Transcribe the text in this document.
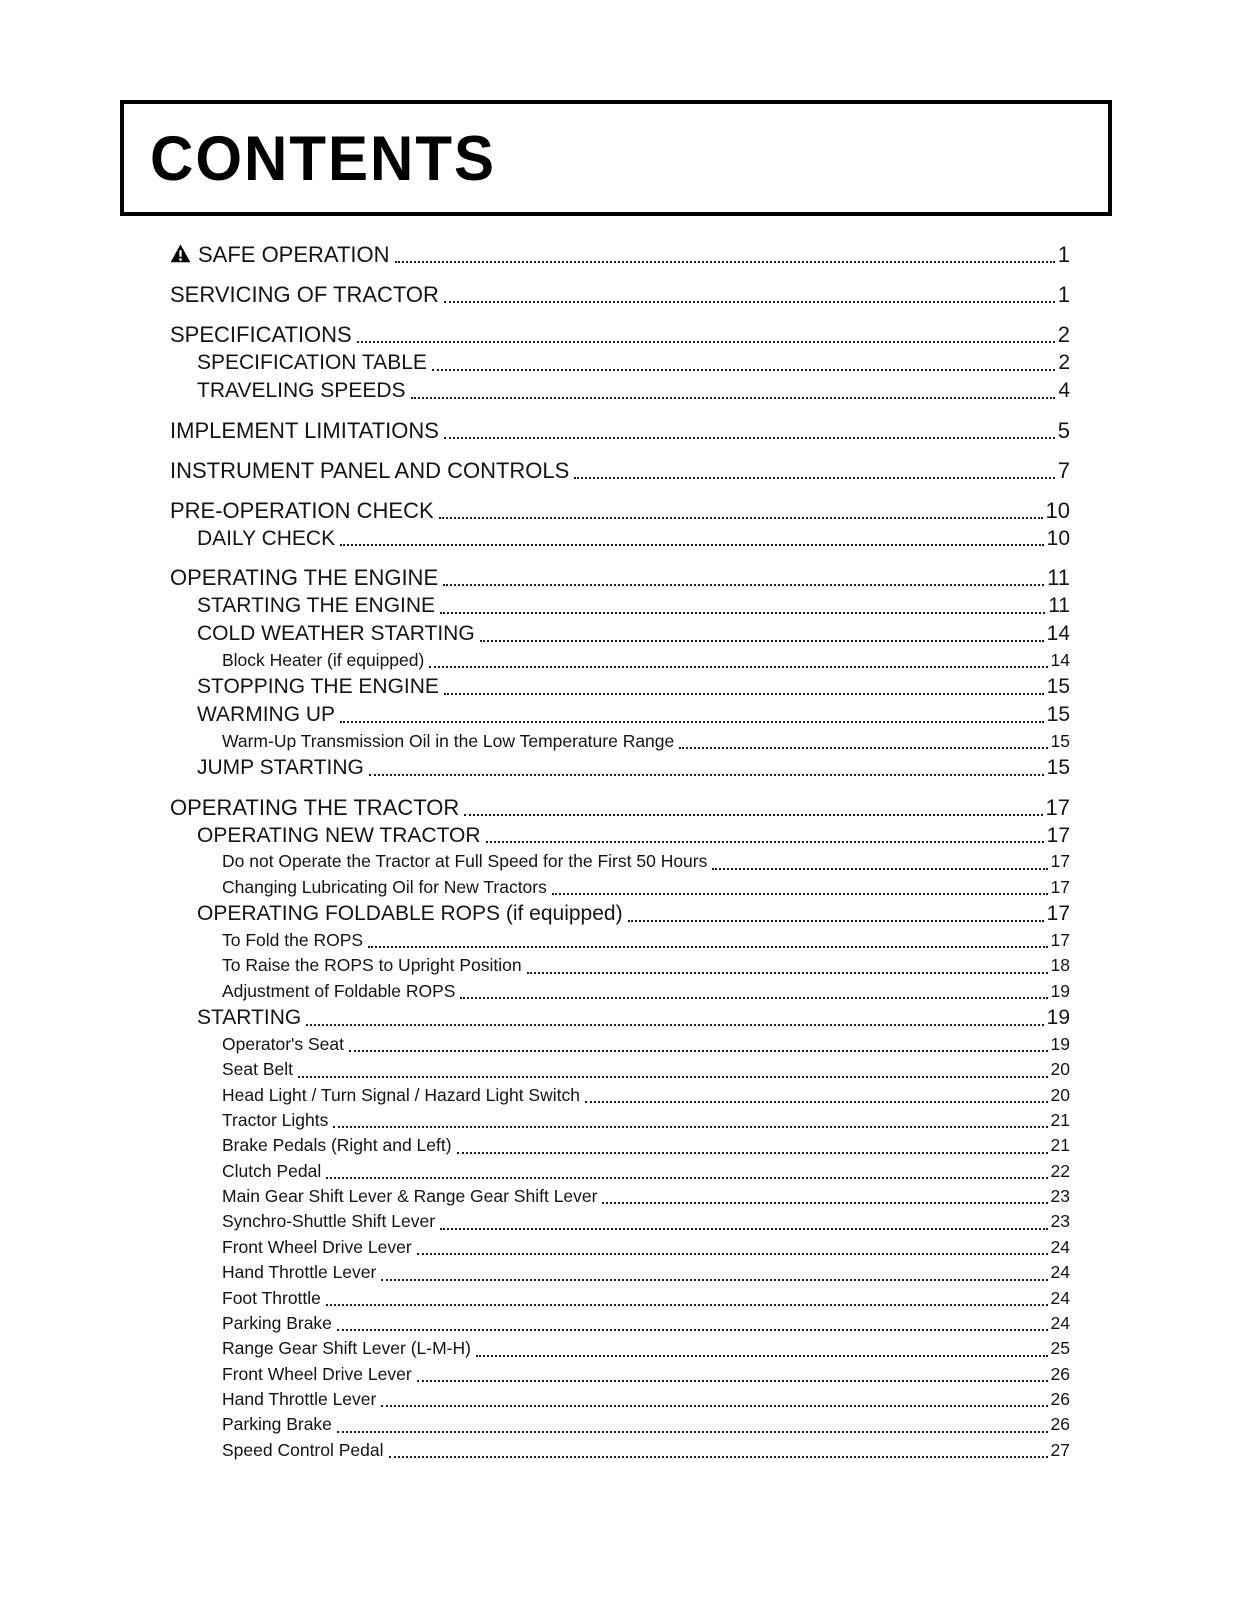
CONTENTS
SAFE OPERATION	1
SERVICING OF TRACTOR	1
SPECIFICATIONS	2
SPECIFICATION TABLE	2
TRAVELING SPEEDS	4
IMPLEMENT LIMITATIONS	5
INSTRUMENT PANEL AND CONTROLS	7
PRE-OPERATION CHECK	10
DAILY CHECK	10
OPERATING THE ENGINE	11
STARTING THE ENGINE	11
COLD WEATHER STARTING	14
Block Heater (if equipped)	14
STOPPING THE ENGINE	15
WARMING UP	15
Warm-Up Transmission Oil in the Low Temperature Range	15
JUMP STARTING	15
OPERATING THE TRACTOR	17
OPERATING NEW TRACTOR	17
Do not Operate the Tractor at Full Speed for the First 50 Hours	17
Changing Lubricating Oil for New Tractors	17
OPERATING FOLDABLE ROPS (if equipped)	17
To Fold the ROPS	17
To Raise the ROPS to Upright Position	18
Adjustment of Foldable ROPS	19
STARTING	19
Operator's Seat	19
Seat Belt	20
Head Light / Turn Signal / Hazard Light Switch	20
Tractor Lights	21
Brake Pedals (Right and Left)	21
Clutch Pedal	22
Main Gear Shift Lever & Range Gear Shift Lever	23
Synchro-Shuttle Shift Lever	23
Front Wheel Drive Lever	24
Hand Throttle Lever	24
Foot Throttle	24
Parking Brake	24
Range Gear Shift Lever (L-M-H)	25
Front Wheel Drive Lever	26
Hand Throttle Lever	26
Parking Brake	26
Speed Control Pedal	27
